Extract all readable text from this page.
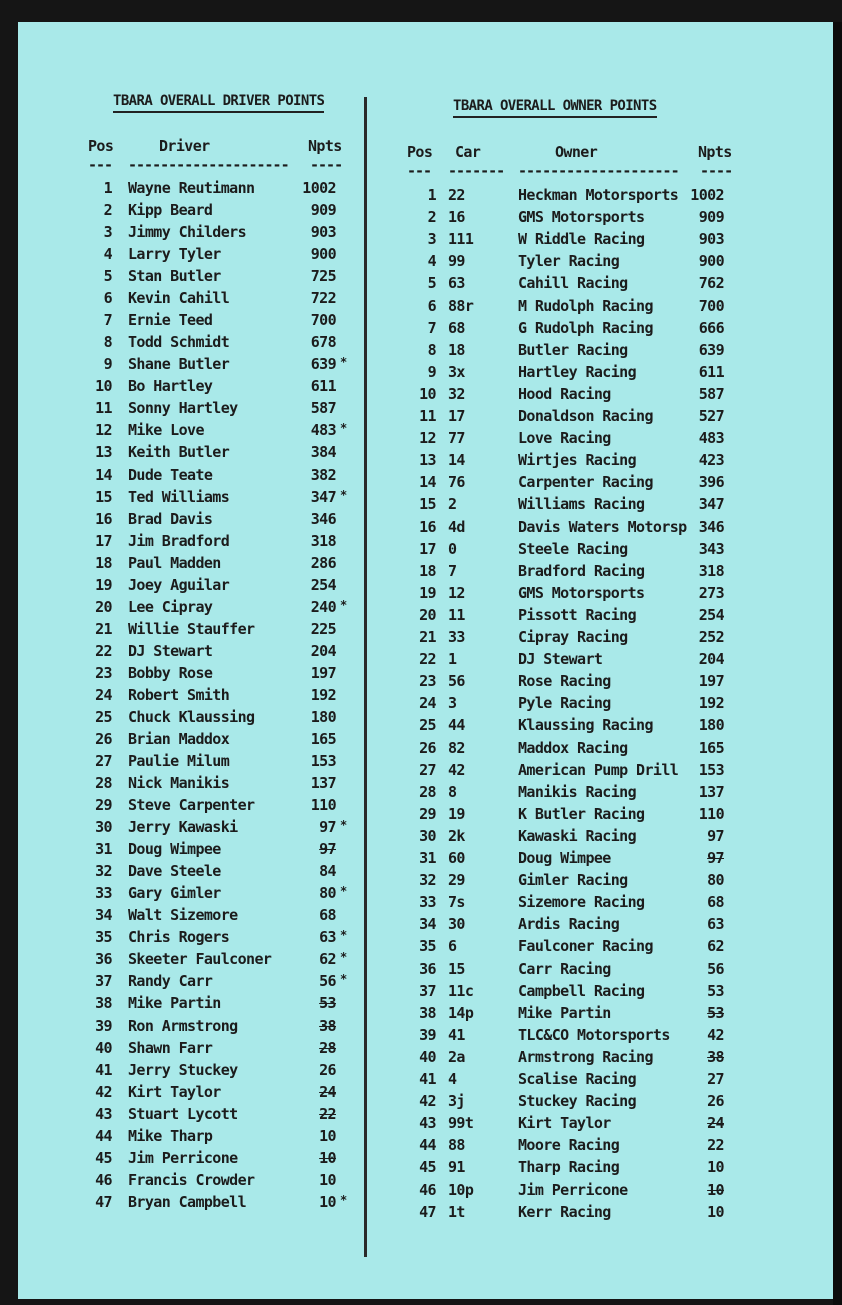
TBARA OVERALL DRIVER POINTS
Pos	Driver	Npts
--- -------------------- ----
1 Wayne Reutimann	1002
2 Kipp Beard	909
3 Jimmy Childers	903
4 Larry Tyler	900
5 Stan Butler	725
6 Kevin Cahill	722
7 Ernie Teed	700
8 Todd Schmidt	678
9 Shane Butler	639 *
10 Bo Hartley	611
11 Sonny Hartley	587
12 Mike Love	483 *
13 Keith Butler	384
14 Dude Teate	382
15 Ted Williams	347 *
16 Brad Davis	346
17 Jim Bradford	318
18 Paul Madden	286
19 Joey Aguilar	254
20 Lee Cipray	240 *
21 Willie Stauffer	225
22 DJ Stewart	204
23 Bobby Rose	197
24 Robert Smith	192
25 Chuck Klaussing	180
26 Brian Maddox	165
27 Paulie Milum	153
28 Nick Manikis	137
29 Steve Carpenter	110
30 Jerry Kawaski	97 *
31 Doug Wimpee	97
32 Dave Steele	84
33 Gary Gimler	80 *
34 Walt Sizemore	68
35 Chris Rogers	63 *
36 Skeeter Faulconer	62 *
37 Randy Carr	56 *
38 Mike Partin	53
39 Ron Armstrong	38
40 Shawn Farr	28
41 Jerry Stuckey	26
42 Kirt Taylor	24
43 Stuart Lycott	22
44 Mike Tharp	10
45 Jim Perricone	10
46 Francis Crowder	10
47 Bryan Campbell	10 *
TBARA OVERALL OWNER POINTS
Pos Car	Owner	Npts
--- ------- -------------------- ----
1 22	Heckman Motorsports 1002
2 16	GMS Motorsports	909
3 111	W Riddle Racing	903
4 99	Tyler Racing	900
5 63	Cahill Racing	762
6 88r	M Rudolph Racing	700
7 68	G Rudolph Racing	666
8 18	Butler Racing	639
9 3x	Hartley Racing	611
10 32	Hood Racing	587
11 17	Donaldson Racing	527
12 77	Love Racing	483
13 14	Wirtjes Racing	423
14 76	Carpenter Racing	396
15 2	Williams Racing	347
16 4d	Davis Waters Motorsp 346
17 0	Steele Racing	343
18 7	Bradford Racing	318
19 12	GMS Motorsports	273
20 11	Pissott Racing	254
21 33	Cipray Racing	252
22 1	DJ Stewart	204
23 56	Rose Racing	197
24 3	Pyle Racing	192
25 44	Klaussing Racing	180
26 82	Maddox Racing	165
27 42	American Pump Drill	153
28 8	Manikis Racing	137
29 19	K Butler Racing	110
30 2k	Kawaski Racing	97
31 60	Doug Wimpee	97
32 29	Gimler Racing	80
33 7s	Sizemore Racing	68
34 30	Ardis Racing	63
35 6	Faulconer Racing	62
36 15	Carr Racing	56
37 11c	Campbell Racing	53
38 14p	Mike Partin	53
39 41	TLC&CO Motorsports	42
40 2a	Armstrong Racing	38
41 4	Scalise Racing	27
42 3j	Stuckey Racing	26
43 99t	Kirt Taylor	24
44 88	Moore Racing	22
45 91	Tharp Racing	10
46 10p	Jim Perricone	10
47 1t	Kerr Racing	10
